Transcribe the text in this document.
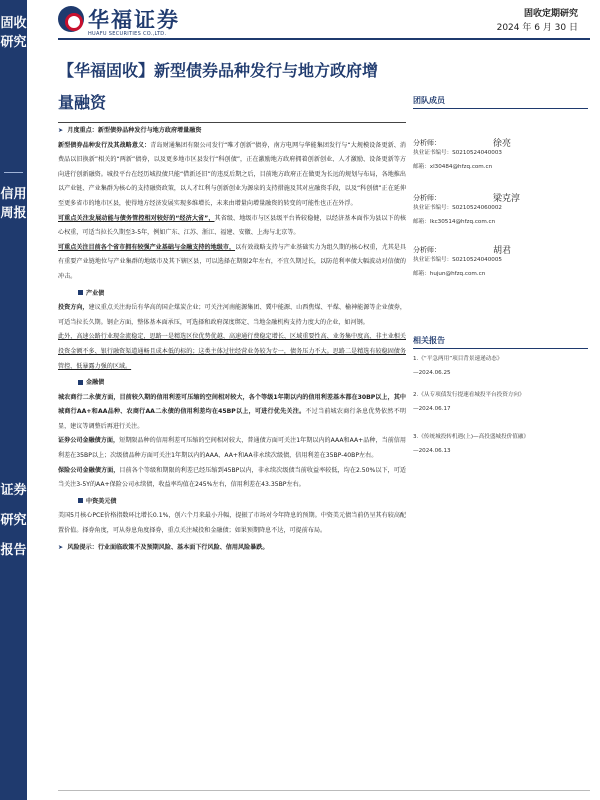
固收研究
信用周报
证券研究报告
华福证券
HUAFU SECURITIES CO.,LTD.
固收定期研究
2024 年 6 月 30 日
【华福固收】新型债券品种发行与地方政府增量融资
➤  月度重点：新型债券品种发行与地方政府增量融资
新型债券品种发行及其战略意义：青岛财通集团有限公司发行“唯才创新”债券，南方电网与华能集团发行与“大规模设备更新、消费品以旧换新”相关的“两新”债券，以及更多地市区县发行“科创债”，正在激励地方政府拥着创新创业、人才激励、设备更新等方向进行创新融资。城投平台在经历城投债只能“借新还旧”的违反后期之后，目前地方政府正在做更为长远的规划与布局，各地推出以产业链、产业集群为核心的支持融资政策，以人才红利与创新创业为源泉的支持措施及其对应融资手段，以及“科创债”正在延伸至更多省市的地市区县，使得地方经济发展实现多维增长，未来由增量向增量融资的转变的可能性也正在外浮。
可重点关注发展动能与债务管控相对较好的“经济大省”，其省级、地级市与区县级平台皆较稳健，以经济基本面作为县以下的核心权重，可适当拉长久期至3-5年，例如广东、江苏、浙江、福建、安徽、上海与北京等。
可重点关注目前各个省市拥有较强产业基础与金融支持的地级市，以有效战略支持与产业基础实力为组久期的核心权重，尤其是具有重要产业链地位与产业集群的地级市及其下辖区县，可以选择在期限2年左右，不宜久期过长，以防范利率债大幅波动对信债的冲击。
产业债
投资方向，建议重点关注海岳有华高的国企煤炭企业；可关注河南能源集团、冀中能源、山西焦煤、平煤、榆神能源等企业债券，可适当拉长久期。钢企方面，整体基本面承压，可选择和政府深度绑定、当地金融机构支持力度大的企业，如河钢。
此外，高速公路行业现金流稳定，思路一是精选区位优势优越、高速通行费稳定增长、区域重要性高、业务集中度高、非主业相关投资金额不多、银行融资渠道通畅且成本低的标的；这类主体过往经营业务较为专一，债务压力不大。思路二是精选有较稳固债务管控、低暴露力强的区域。
金融债
城农商行二永债方面，目前较久期的信用利差可压缩的空间相对较大，各个等级1年期以内的信用利差基本都在30BP以上，其中城商行AA+和AA品种、农商行AA二永债的信用利差均在45BP以上，可进行优先关注。不过当前城农商行条息优势依然不明显，建议等调整后再进行关注。
证券公司金融债方面，短期限品种的信用利差可压缩的空间相对较大，普通债方面可关注1年期以内的AAA和AA+品种，当前信用利差在35BP以上；次级债品种方面可关注1年期以内的AAA、AA+和AA非永续次级债，信用利差在35BP-40BP左右。
保险公司金融债方面，目前各个等级和期限的利差已经压缩到45BP以内，非永续次级债当前收益率较低，均在2.50%以下，可适当关注3-5Y的AA+保险公司永续债，收益率均值在245%左右，信用利差在43.35BP左右。
中资美元债
美国5月核心PCE价格指数环比增长0.1%，创六个月来最小升幅，提振了市场对今年降息的预期。中资美元债当前仍呈其有较高配置价值。择券角度，可从券息角度择券，重点关注城投和金融债；如果预期降息不达，可提前布局。
➤  风险提示：行业面临政策不及预期风险、基本面下行风险、信用风险暴跌。
团队成员
分析师：	徐亮
执业证书编号：S0210524040003
邮箱：xl30484@hfzq.com.cn
分析师：	梁克淳
执业证书编号：S0210524060002
邮箱：lkc30514@hfzq.com.cn
分析师：	胡君
执业证书编号：S0210524040005
邮箱：hujun@hfzq.com.cn
相关报告
1.《“平急两用”项目背景速递动态》
—2024.06.25
2.《从专项债发行提速看城投平台投资方向》
—2024.06.17
3.《传统城投转机遇(上)—高投盛城投价值融》
—2024.06.13
